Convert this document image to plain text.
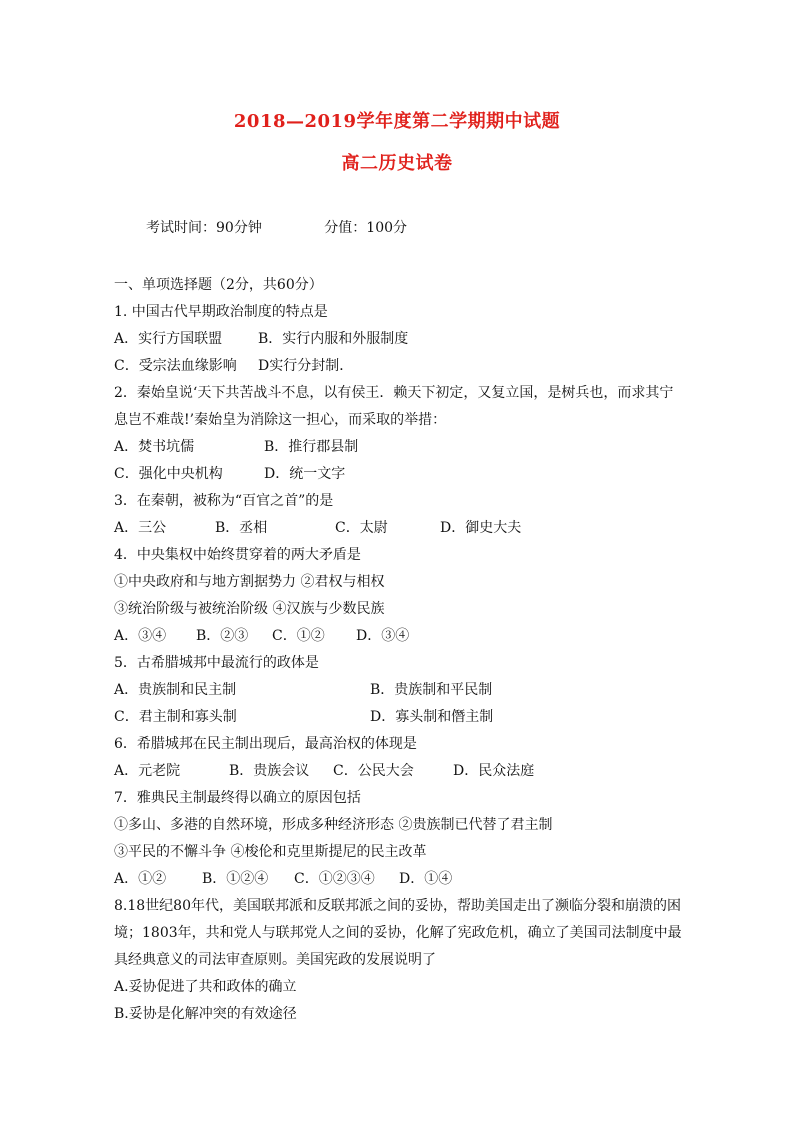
2018—2019学年度第二学期期中试题
高二历史试卷
考试时间：90分钟	分值：100分
一、单项选择题（2分，共60分）
1. 中国古代早期政治制度的特点是
A．实行方国联盟	B．实行内服和外服制度
C．受宗法血缘影响	D实行分封制．
2．秦始皇说‘天下共苦战斗不息，以有侯王．赖天下初定，又复立国，是树兵也，而求其宁
息岂不难哉!’秦始皇为消除这一担心，而采取的举措：
A．焚书坑儒	B．推行郡县制
C．强化中央机构	D．统一文字
3．在秦朝，被称为“百官之首”的是
A．三公	B．丞相	C．太尉	D．御史大夫
4．中央集权中始终贯穿着的两大矛盾是
①中央政府和与地方割据势力 ②君权与相权
③统治阶级与被统治阶级 ④汉族与少数民族
A．③④	B．②③	C．①②	D．③④
5．古希腊城邦中最流行的政体是
A．贵族制和民主制	B．贵族制和平民制
C．君主制和寡头制	D．寡头制和僭主制
6．希腊城邦在民主制出现后，最高治权的体现是
A．元老院	B．贵族会议	C．公民大会	D．民众法庭
7．雅典民主制最终得以确立的原因包括
①多山、多港的自然环境，形成多种经济形态 ②贵族制已代替了君主制
③平民的不懈斗争 ④梭伦和克里斯提尼的民主改革
A．①②	B．①②④	C．①②③④	D．①④
8.18世纪80年代，美国联邦派和反联邦派之间的妥协，帮助美国走出了濒临分裂和崩溃的困
境；1803年，共和党人与联邦党人之间的妥协，化解了宪政危机，确立了美国司法制度中最
具经典意义的司法审查原则。美国宪政的发展说明了
A.妥协促进了共和政体的确立
B.妥协是化解冲突的有效途径
